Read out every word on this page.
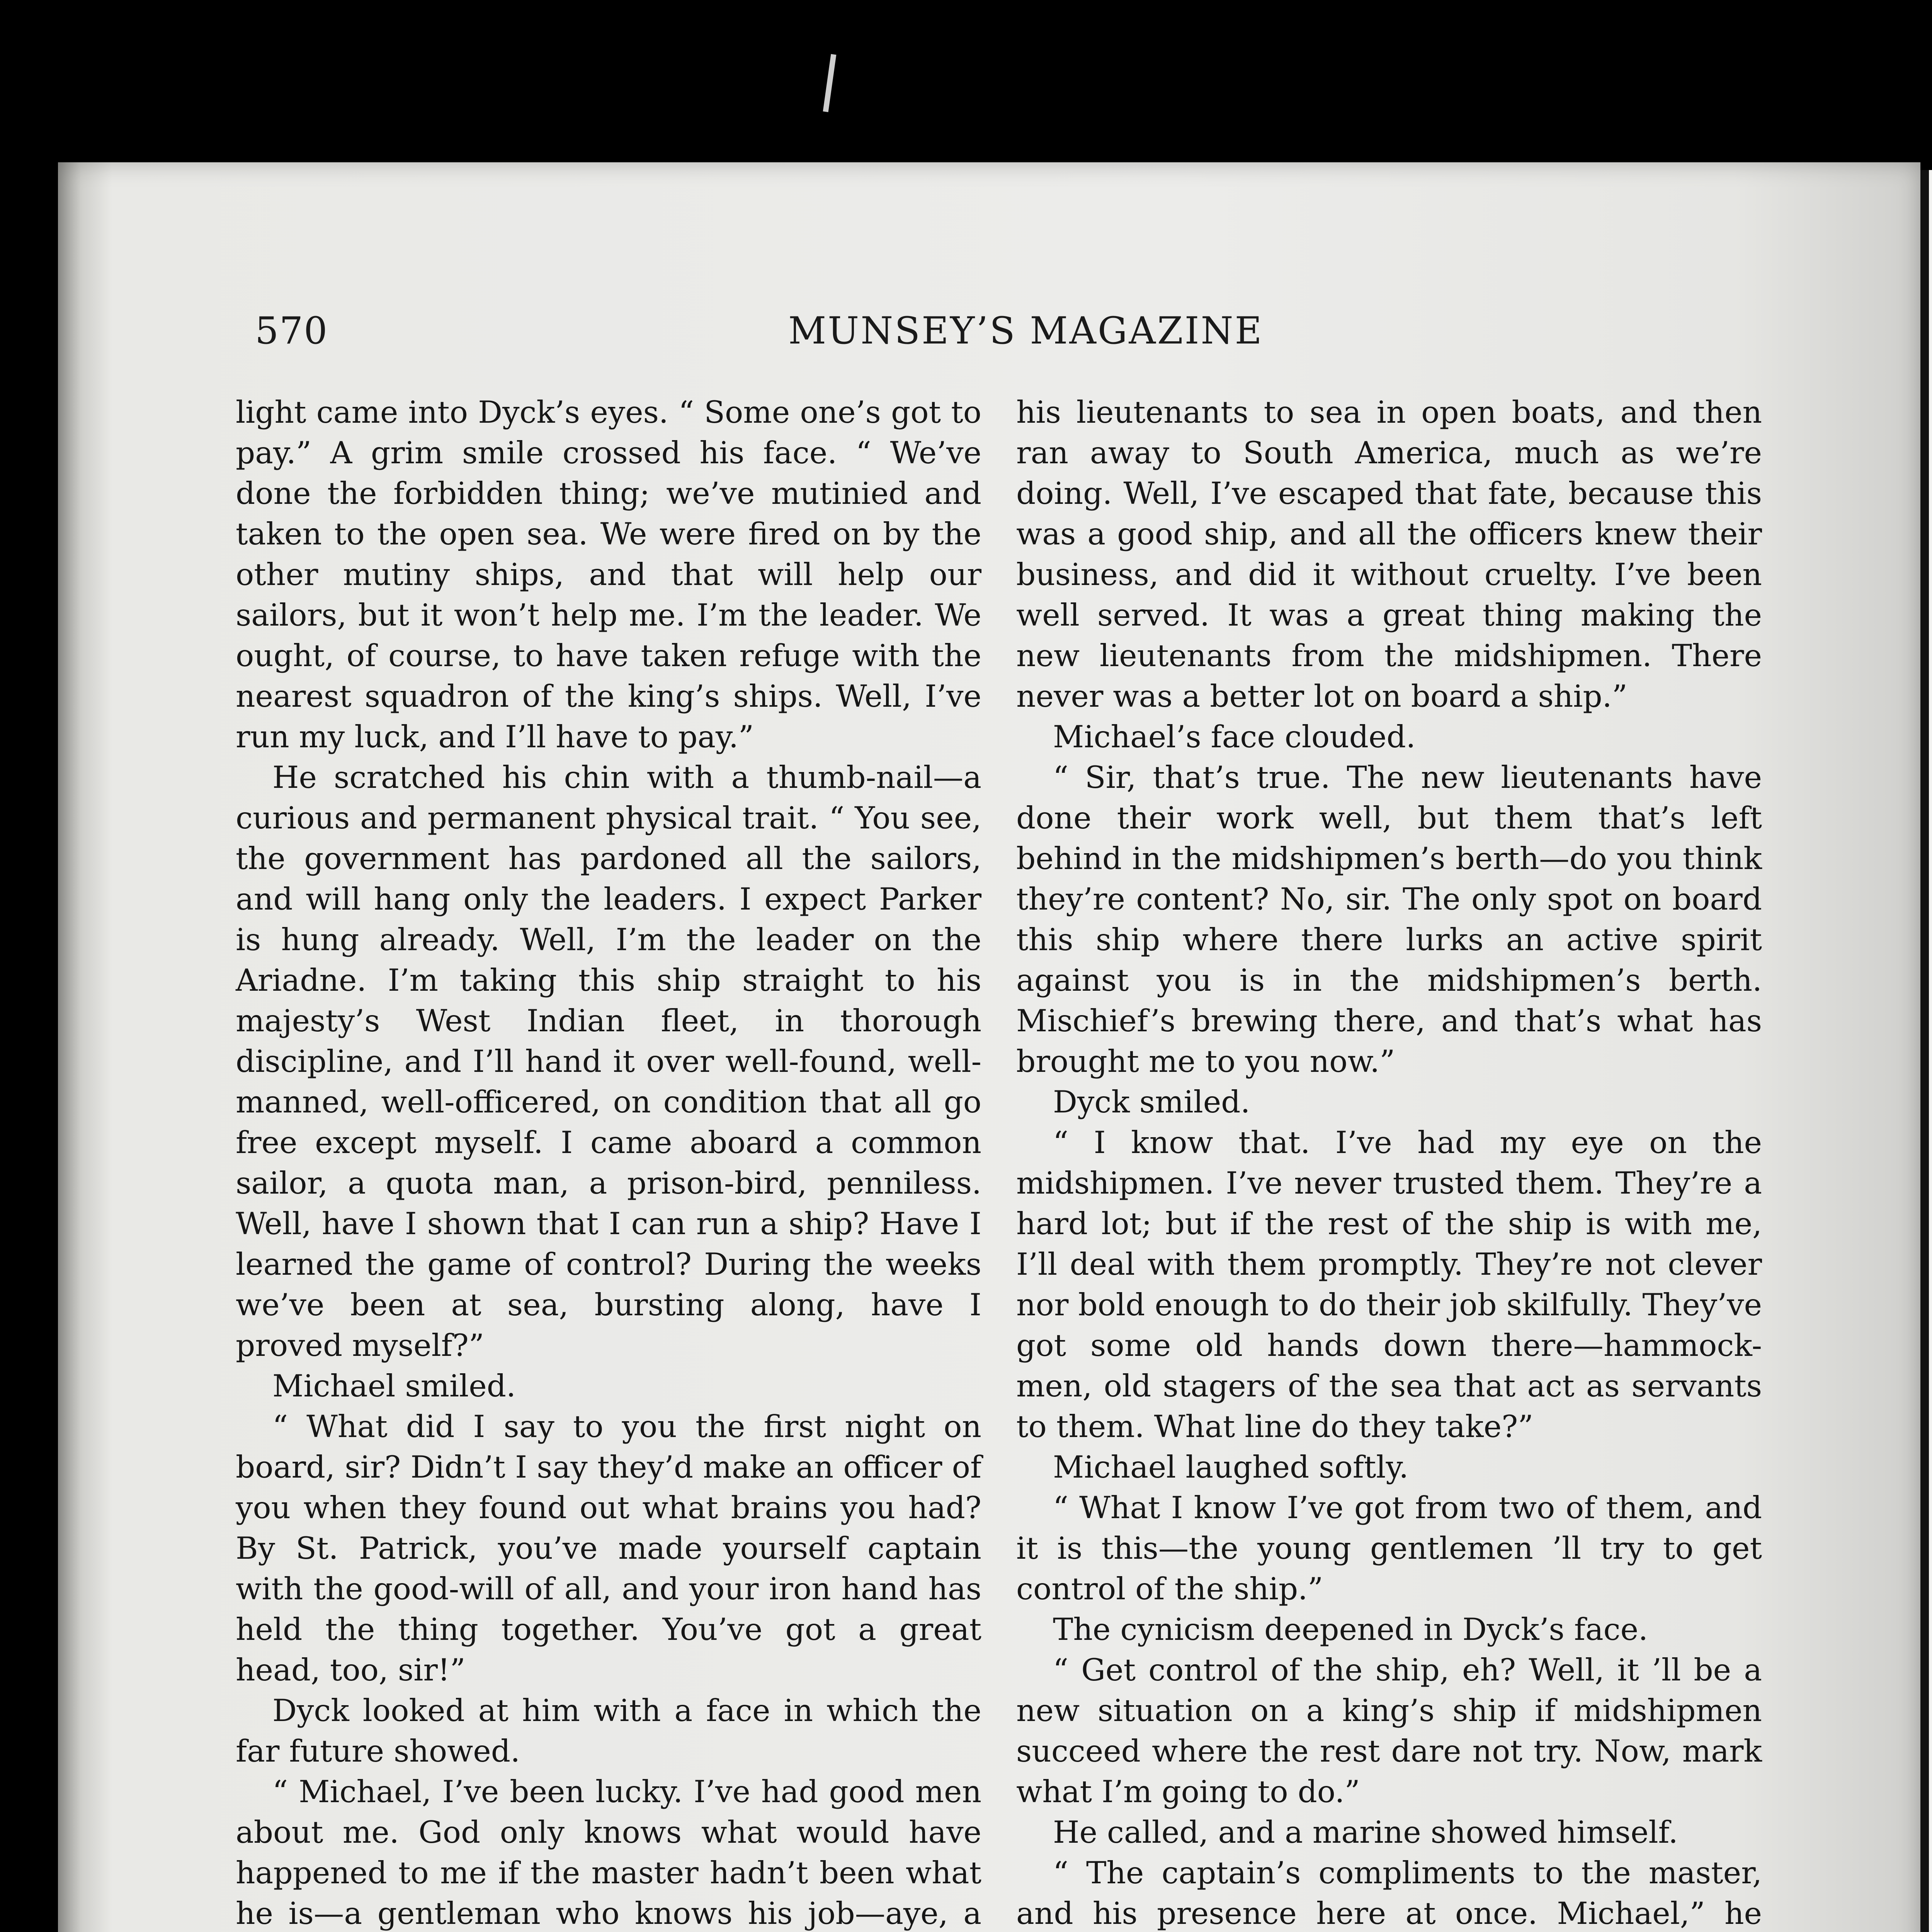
570	MUNSEY’S MAGAZINE

light came into Dyck’s eyes. “ Some one’s got to pay.” A grim smile crossed his face. “ We’ve done the forbidden thing; we’ve mutinied and taken to the open sea. We were fired on by the other mutiny ships, and that will help our sailors, but it won’t help me. I’m the leader. We ought, of course, to have taken refuge with the nearest squadron of the king’s ships. Well, I’ve run my luck, and I’ll have to pay.”

He scratched his chin with a thumb-nail—a curious and permanent physical trait. “ You see, the government has pardoned all the sailors, and will hang only the leaders. I expect Parker is hung already. Well, I’m the leader on the Ariadne. I’m taking this ship straight to his majesty’s West Indian fleet, in thorough discipline, and I’ll hand it over well-found, well-manned, well-officered, on condition that all go free except myself. I came aboard a common sailor, a quota man, a prison-bird, penniless. Well, have I shown that I can run a ship? Have I learned the game of control? During the weeks we’ve been at sea, bursting along, have I proved myself?”

Michael smiled.

“ What did I say to you the first night on board, sir? Didn’t I say they’d make an officer of you when they found out what brains you had? By St. Patrick, you’ve made yourself captain with the good-will of all, and your iron hand has held the thing together. You’ve got a great head, too, sir!”

Dyck looked at him with a face in which the far future showed.

“ Michael, I’ve been lucky. I’ve had good men about me. God only knows what would have happened to me if the master hadn’t been what he is—a gentleman who knows his job—aye, a

his lieutenants to sea in open boats, and then ran away to South America, much as we’re doing. Well, I’ve escaped that fate, because this was a good ship, and all the officers knew their business, and did it without cruelty. I’ve been well served. It was a great thing making the new lieutenants from the midshipmen. There never was a better lot on board a ship.”

Michael’s face clouded.

“ Sir, that’s true. The new lieutenants have done their work well, but them that’s left behind in the midshipmen’s berth—do you think they’re content? No, sir. The only spot on board this ship where there lurks an active spirit against you is in the midshipmen’s berth. Mischief’s brewing there, and that’s what has brought me to you now.”

Dyck smiled.

“ I know that. I’ve had my eye on the midshipmen. I’ve never trusted them. They’re a hard lot; but if the rest of the ship is with me, I’ll deal with them promptly. They’re not clever nor bold enough to do their job skilfully. They’ve got some old hands down there—hammock-men, old stagers of the sea that act as servants to them. What line do they take?”

Michael laughed softly.

“ What I know I’ve got from two of them, and it is this—the young gentlemen ’ll try to get control of the ship.”

The cynicism deepened in Dyck’s face.

“ Get control of the ship, eh? Well, it ’ll be a new situation on a king’s ship if midshipmen succeed where the rest dare not try. Now, mark what I’m going to do.”

He called, and a marine showed himself.

“ The captain’s compliments to the master, and his presence here at once. Michael,” he
